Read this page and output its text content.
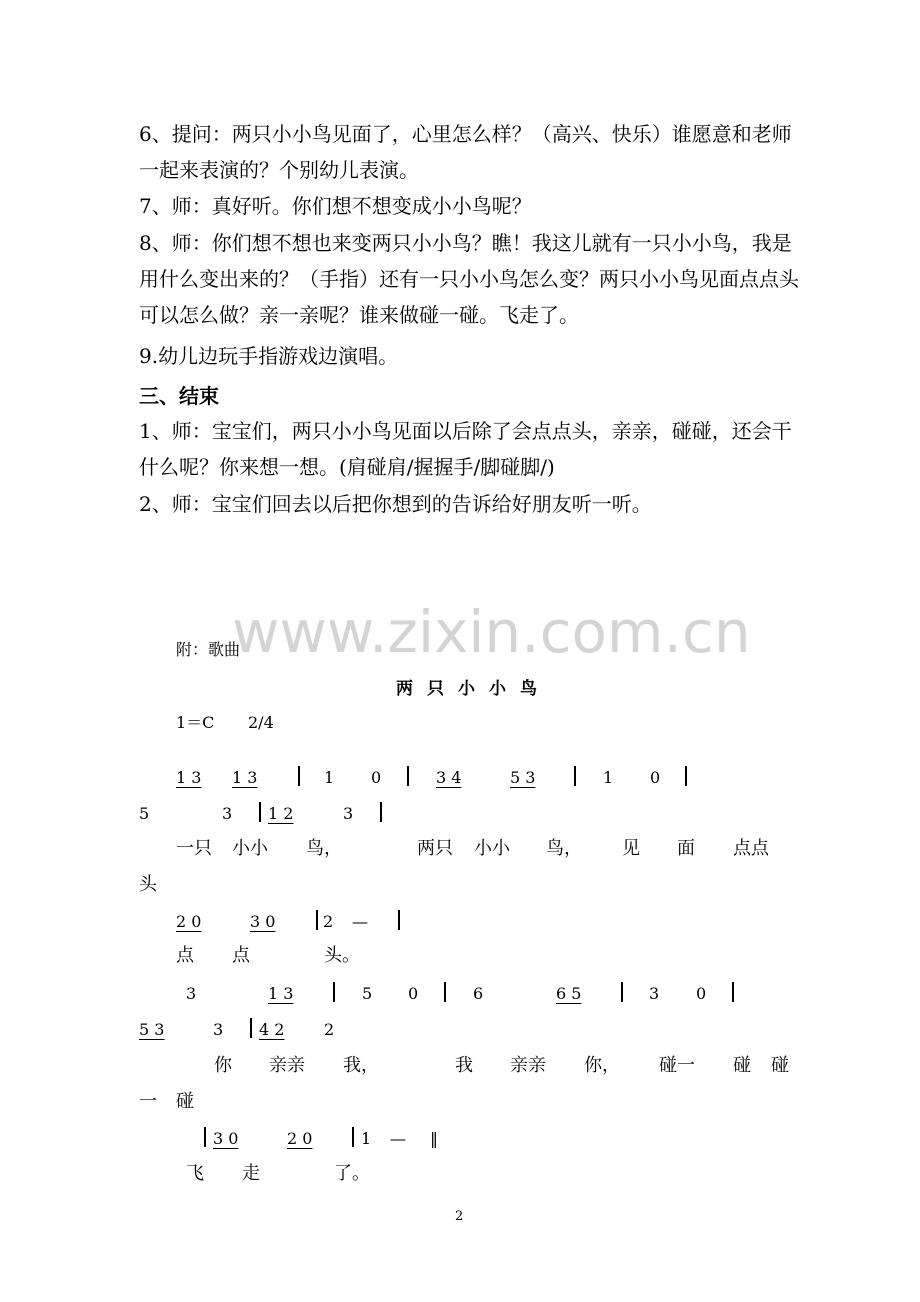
6、提问：两只小小鸟见面了，心里怎么样？（高兴、快乐）谁愿意和老师一起来表演的？个别幼儿表演。

7、师：真好听。你们想不想变成小小鸟呢？

8、师：你们想不想也来变两只小小鸟？瞧！我这儿就有一只小小鸟，我是用什么变出来的？（手指）还有一只小小鸟怎么变？两只小小鸟见面点点头可以怎么做？亲一亲呢？谁来做碰一碰。飞走了。

9.幼儿边玩手指游戏边演唱。

三、结束

1、师：宝宝们，两只小小鸟见面以后除了会点点头，亲亲，碰碰，还会干什么呢？你来想一想。(肩碰肩/握握手/脚碰脚/)

2、师：宝宝们回去以后把你想到的告诉给好朋友听一听。

www.zixin.com.cn
附：歌曲
两只小小鸟
1＝C 2/4
1 3 1 3	1 0	3 4	5 3	1 0
5	3 1 2	3
一只 小小 鸟，	两只 小小 鸟， 见 面 点点
头
2 0	3 0	2 —
点 点	头。
3	1 3	5 0	6	6 5	3 0
5 3	3 4 2 2
你 亲亲 我，	我 亲亲 你， 碰一 碰 碰
一 碰
3 0	2 0	1 — ‖
飞 走	了。
2
